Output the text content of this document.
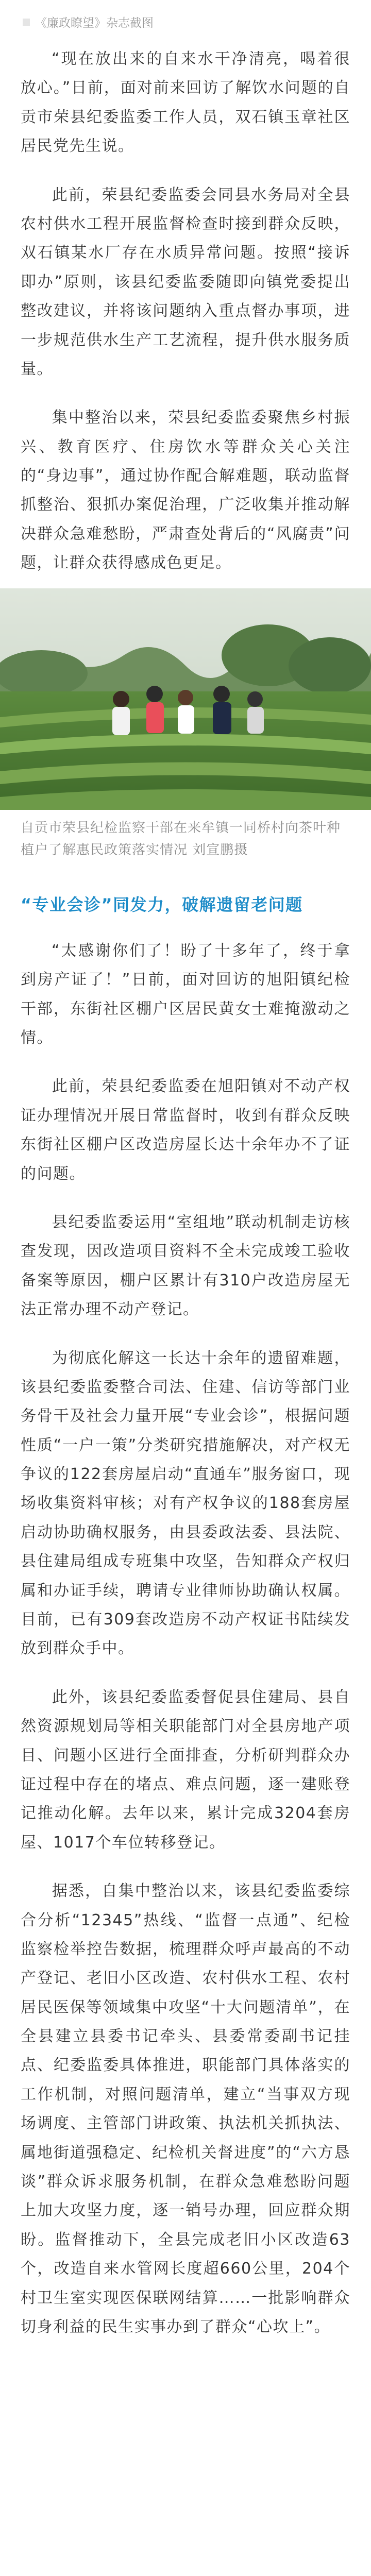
《廉政瞭望》杂志截图

“现在放出来的自来水干净清亮，喝着很放心。”日前，面对前来回访了解饮水问题的自贡市荣县纪委监委工作人员，双石镇玉章社区居民党先生说。

此前，荣县纪委监委会同县水务局对全县农村供水工程开展监督检查时接到群众反映，双石镇某水厂存在水质异常问题。按照“接诉即办”原则，该县纪委监委随即向镇党委提出整改建议，并将该问题纳入重点督办事项，进一步规范供水生产工艺流程，提升供水服务质量。

集中整治以来，荣县纪委监委聚焦乡村振兴、教育医疗、住房饮水等群众关心关注的“身边事”，通过协作配合解难题，联动监督抓整治、狠抓办案促治理，广泛收集并推动解决群众急难愁盼，严肃查处背后的“风腐责”问题，让群众获得感成色更足。

自贡市荣县纪检监察干部在来牟镇一同桥村向茶叶种植户了解惠民政策落实情况 刘宣鹏摄
“专业会诊”同发力，破解遗留老问题

“太感谢你们了！盼了十多年了，终于拿到房产证了！”日前，面对回访的旭阳镇纪检干部，东街社区棚户区居民黄女士难掩激动之情。

此前，荣县纪委监委在旭阳镇对不动产权证办理情况开展日常监督时，收到有群众反映东街社区棚户区改造房屋长达十余年办不了证的问题。

县纪委监委运用“室组地”联动机制走访核查发现，因改造项目资料不全未完成竣工验收备案等原因，棚户区累计有310户改造房屋无法正常办理不动产登记。

为彻底化解这一长达十余年的遗留难题，该县纪委监委整合司法、住建、信访等部门业务骨干及社会力量开展“专业会诊”，根据问题性质“一户一策”分类研究措施解决，对产权无争议的122套房屋启动“直通车”服务窗口，现场收集资料审核；对有产权争议的188套房屋启动协助确权服务，由县委政法委、县法院、县住建局组成专班集中攻坚，告知群众产权归属和办证手续，聘请专业律师协助确认权属。目前，已有309套改造房不动产权证书陆续发放到群众手中。

此外，该县纪委监委督促县住建局、县自然资源规划局等相关职能部门对全县房地产项目、问题小区进行全面排查，分析研判群众办证过程中存在的堵点、难点问题，逐一建账登记推动化解。去年以来，累计完成3204套房屋、1017个车位转移登记。

据悉，自集中整治以来，该县纪委监委综合分析“12345”热线、“监督一点通”、纪检监察检举控告数据，梳理群众呼声最高的不动产登记、老旧小区改造、农村供水工程、农村居民医保等领域集中攻坚“十大问题清单”，在全县建立县委书记牵头、县委常委副书记挂点、纪委监委具体推进，职能部门具体落实的工作机制，对照问题清单，建立“当事双方现场调度、主管部门讲政策、执法机关抓执法、属地街道强稳定、纪检机关督进度”的“六方恳谈”群众诉求服务机制，在群众急难愁盼问题上加大攻坚力度，逐一销号办理，回应群众期盼。监督推动下，全县完成老旧小区改造63个，改造自来水管网长度超660公里，204个村卫生室实现医保联网结算……一批影响群众切身利益的民生实事办到了群众“心坎上”。
